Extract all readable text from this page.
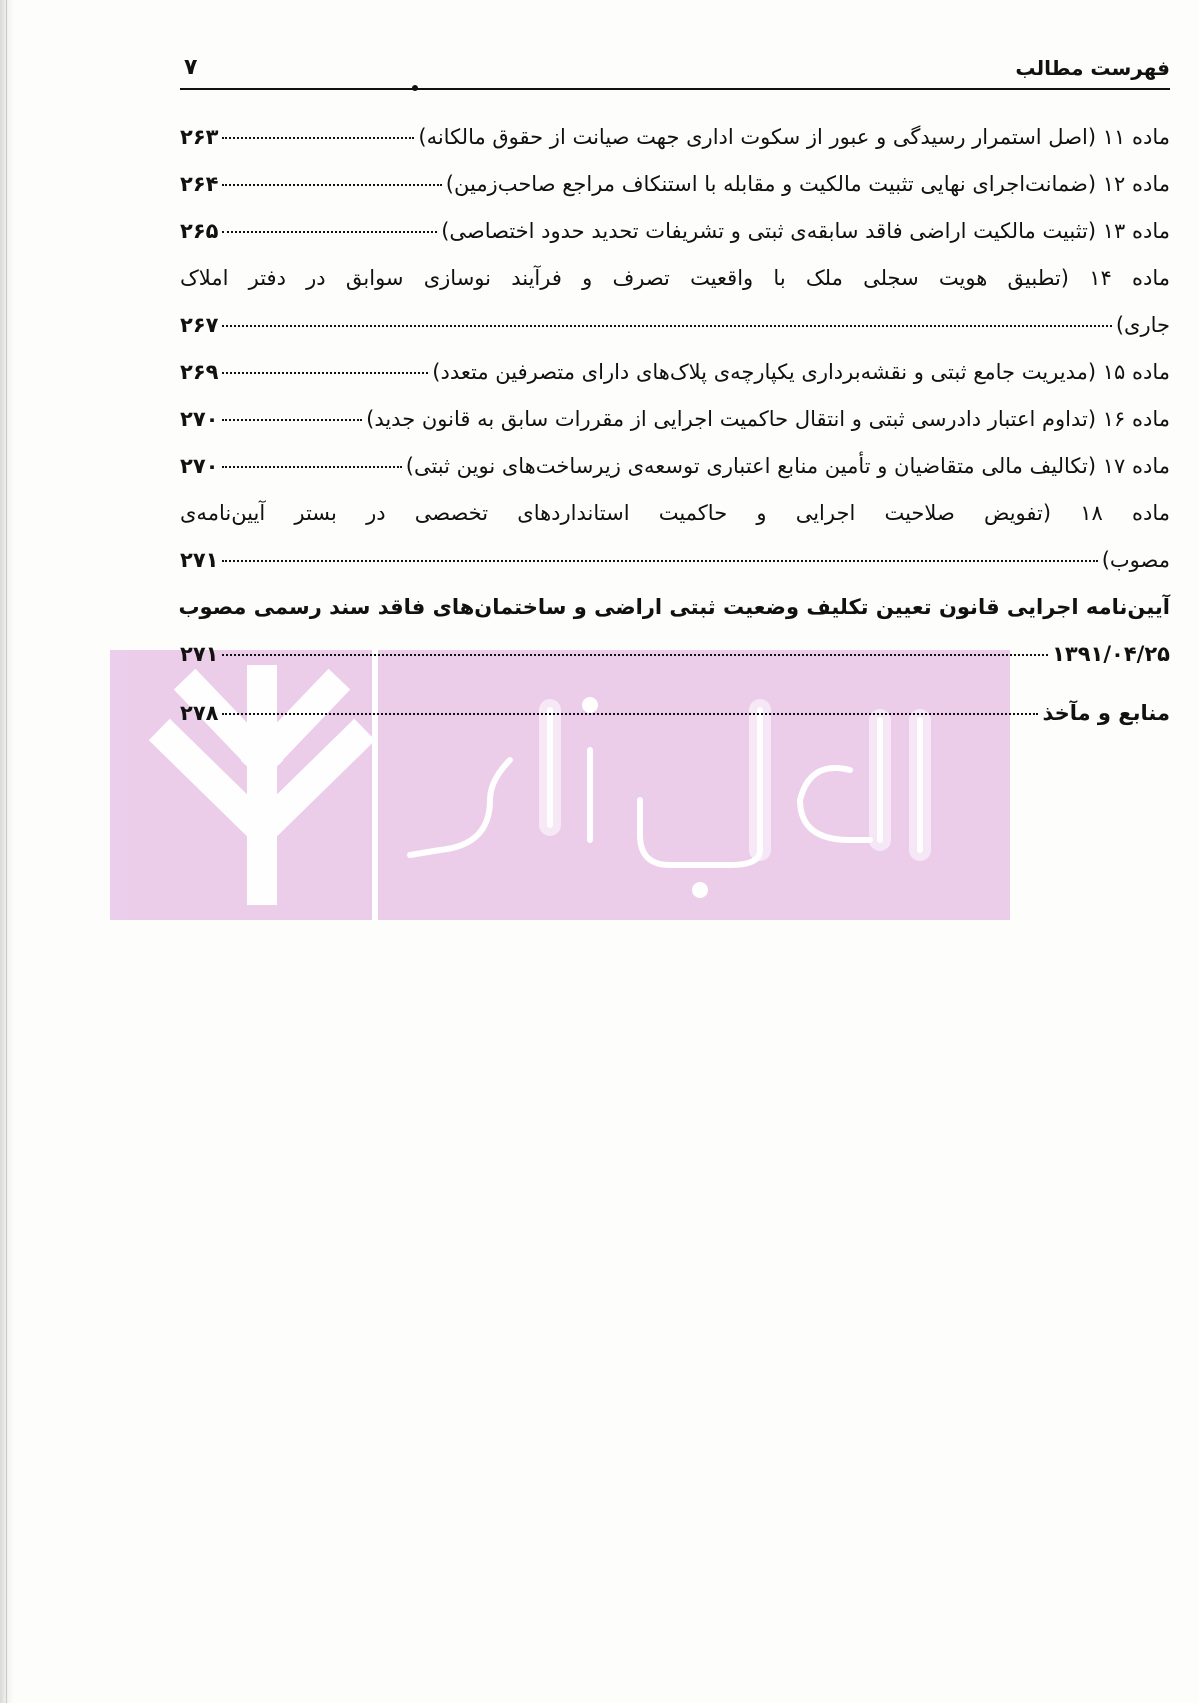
فهرست مطالب
۷
ماده ۱۱ (اصل استمرار رسیدگی و عبور از سکوت اداری جهت صیانت از حقوق مالکانه)
۲۶۳
ماده ۱۲ (ضمانت‌اجرای نهایی تثبیت مالکیت و مقابله با استنکاف مراجع صاحب‌زمین)
۲۶۴
ماده ۱۳ (تثبیت مالکیت اراضی فاقد سابقه‌ی ثبتی و تشریفات تحدید حدود اختصاصی)
۲۶۵
ماده ۱۴ (تطبیق هویت سجلی ملک با واقعیت تصرف و فرآیند نوسازی سوابق در دفتر املاک
جاری)
۲۶۷
ماده ۱۵ (مدیریت جامع ثبتی و نقشه‌برداری یکپارچه‌ی پلاک‌های دارای متصرفین متعدد)
۲۶۹
ماده ۱۶ (تداوم اعتبار دادرسی ثبتی و انتقال حاکمیت اجرایی از مقررات سابق به قانون جدید)
۲۷۰
ماده ۱۷ (تکالیف مالی متقاضیان و تأمین منابع اعتباری توسعه‌ی زیرساخت‌های نوین ثبتی)
۲۷۰
ماده ۱۸ (تفویض صلاحیت اجرایی و حاکمیت استانداردهای تخصصی در بستر آیین‌نامه‌ی
مصوب)
۲۷۱
آیین‌نامه اجرایی قانون تعیین تکلیف وضعیت ثبتی اراضی و ساختمان‌های فاقد سند رسمی مصوب
۱۳۹۱/۰۴/۲۵
۲۷۱
منابع و مآخذ
۲۷۸
